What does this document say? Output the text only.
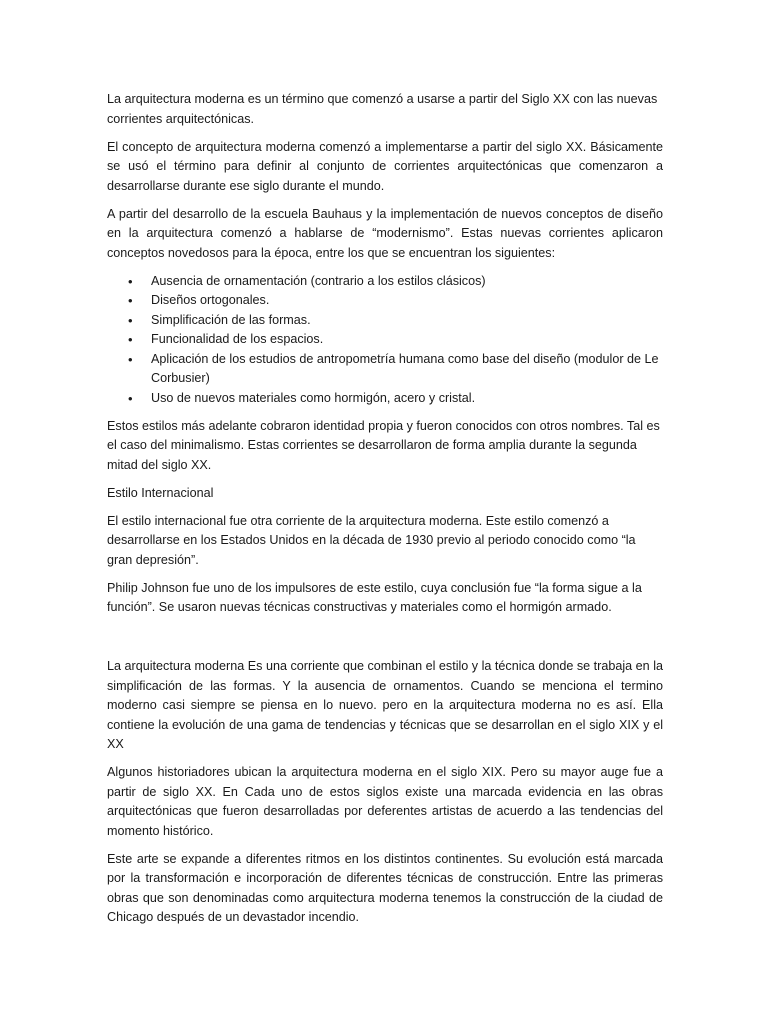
La arquitectura moderna es un término que comenzó a usarse a partir del Siglo XX con las nuevas corrientes arquitectónicas.

El concepto de arquitectura moderna comenzó a implementarse a partir del siglo XX. Básicamente se usó el término para definir al conjunto de corrientes arquitectónicas que comenzaron a desarrollarse durante ese siglo durante el mundo.

A partir del desarrollo de la escuela Bauhaus y la implementación de nuevos conceptos de diseño en la arquitectura comenzó a hablarse de “modernismo”. Estas nuevas corrientes aplicaron conceptos novedosos para la época, entre los que se encuentran los siguientes:

• Ausencia de ornamentación (contrario a los estilos clásicos)
• Diseños ortogonales.
• Simplificación de las formas.
• Funcionalidad de los espacios.
• Aplicación de los estudios de antropometría humana como base del diseño (modulor de Le Corbusier)
• Uso de nuevos materiales como hormigón, acero y cristal.

Estos estilos más adelante cobraron identidad propia y fueron conocidos con otros nombres. Tal es el caso del minimalismo. Estas corrientes se desarrollaron de forma amplia durante la segunda mitad del siglo XX.

Estilo Internacional

El estilo internacional fue otra corriente de la arquitectura moderna. Este estilo comenzó a desarrollarse en los Estados Unidos en la década de 1930 previo al periodo conocido como “la gran depresión”.

Philip Johnson fue uno de los impulsores de este estilo, cuya conclusión fue “la forma sigue a la función”. Se usaron nuevas técnicas constructivas y materiales como el hormigón armado.

La arquitectura moderna Es una corriente que combinan el estilo y la técnica donde se trabaja en la simplificación de las formas. Y la ausencia de ornamentos. Cuando se menciona el termino moderno casi siempre se piensa en lo nuevo. pero en la arquitectura moderna no es así. Ella contiene la evolución de una gama de tendencias y técnicas que se desarrollan en el siglo XIX y el XX

Algunos historiadores ubican la arquitectura moderna en el siglo XIX. Pero su mayor auge fue a partir de siglo XX. En Cada uno de estos siglos existe una marcada evidencia en las obras arquitectónicas que fueron desarrolladas por deferentes artistas de acuerdo a las tendencias del momento histórico.

Este arte se expande a diferentes ritmos en los distintos continentes. Su evolución está marcada por la transformación e incorporación de diferentes técnicas de construcción. Entre las primeras obras que son denominadas como arquitectura moderna tenemos la construcción de la ciudad de Chicago después de un devastador incendio.
